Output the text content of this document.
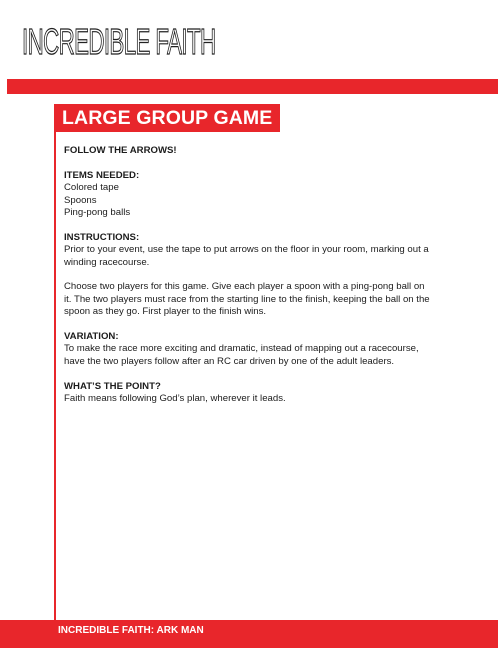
INCREDIBLE FAITH
LARGE GROUP GAME
FOLLOW THE ARROWS!
ITEMS NEEDED:
Colored tape
Spoons
Ping-pong balls
INSTRUCTIONS:
Prior to your event, use the tape to put arrows on the floor in your room, marking out a
winding racecourse.
Choose two players for this game. Give each player a spoon with a ping-pong ball on
it. The two players must race from the starting line to the finish, keeping the ball on the
spoon as they go. First player to the finish wins.
VARIATION:
To make the race more exciting and dramatic, instead of mapping out a racecourse,
have the two players follow after an RC car driven by one of the adult leaders.
WHAT’S THE POINT?
Faith means following God’s plan, wherever it leads.
INCREDIBLE FAITH: ARK MAN
